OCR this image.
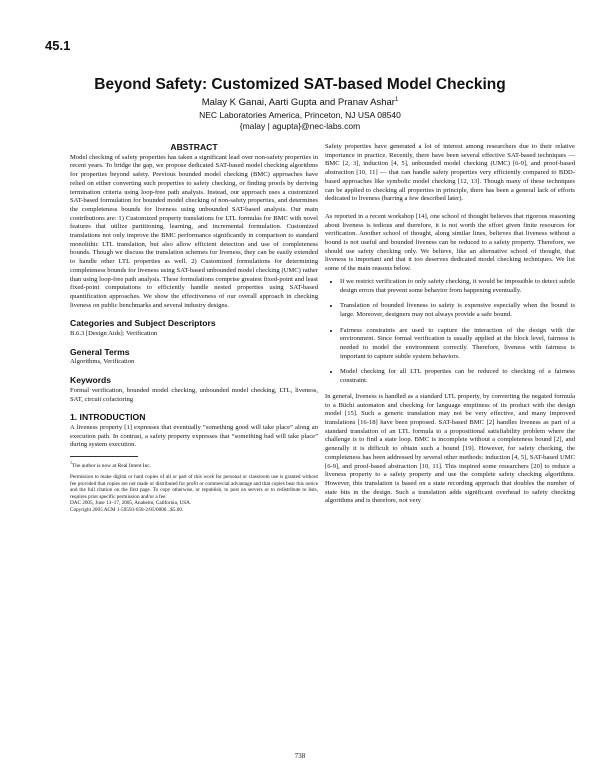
45.1
Beyond Safety: Customized SAT-based Model Checking
Malay K Ganai, Aarti Gupta and Pranav Ashar$^1$
NEC Laboratories America, Princeton, NJ USA 08540
{malay | agupta}@nec-labs.com
ABSTRACT

Model checking of safety properties has taken a significant lead over non-safety properties in recent years. To bridge the gap, we propose dedicated SAT-based model checking algorithms for properties beyond safety. Previous bounded model checking (BMC) approaches have relied on either converting such properties to safety checking, or finding proofs by deriving termination criteria using loop-free path analysis. Instead, our approach uses a customized SAT-based formulation for bounded model checking of non-safety properties, and determines the completeness bounds for liveness using unbounded SAT-based analysis. Our main contributions are: 1) Customized property translations for LTL formulas for BMC with novel features that utilize partitioning, learning, and incremental formulation. Customized translations not only improve the BMC performance significantly in comparison to standard monolithic LTL translation, but also allow efficient detection and use of completeness bounds. Though we discuss the translation schemes for liveness, they can be easily extended to handle other LTL properties as well. 2) Customized formulations for determining completeness bounds for liveness using SAT-based unbounded model checking (UMC) rather than using loop-free path analysis. These formulations comprise greatest fixed-point and least fixed-point computations to efficiently handle nested properties using SAT-based quantification approaches. We show the effectiveness of our overall approach in checking liveness on public benchmarks and several industry designs.

Categories and Subject Descriptors

B.6.3 [Design Aids]: Verification

General Terms

Algorithms, Verification

Keywords

Formal verification, bounded model checking, unbounded model checking, LTL, liveness, SAT, circuit cofactoring

1. INTRODUCTION

A liveness property [1] expresses that eventually “something good will take place” along an execution path. In contrast, a safety property expresses that “something bad will take place” during system execution.

$^1$The author is now at Real Intent Inc.

Permission to make digital or hard copies of all or part of this work for personal or classroom use is granted without fee provided that copies are not made or distributed for profit or commercial advantage and that copies bear this notice and the full citation on the first page. To copy otherwise, or republish, to post on servers or to redistribute to lists, requires prior specific permission and/or a fee.

DAC 2005, June 13–17, 2005, Anaheim, California, USA.

Copyright 2005 ACM 1-59593-058-2/05/0006...$5.00.

Safety properties have generated a lot of interest among researchers due to their relative importance in practice. Recently, there have been several effective SAT-based techniques — BMC [2, 3], induction [4, 5], unbounded model checking (UMC) [6-9], and proof-based abstraction [10, 11] — that can handle safety properties very efficiently compared to BDD-based approaches like symbolic model checking [12, 13]. Though many of these techniques can be applied to checking all properties in principle, there has been a general lack of efforts dedicated to liveness (barring a few described later).

As reported in a recent workshop [14], one school of thought believes that rigorous reasoning about liveness is tedious and therefore, it is not worth the effort given finite resources for verification. Another school of thought, along similar lines, believes that liveness without a bound is not useful and bounded liveness can be reduced to a safety property. Therefore, we should use safety checking only. We believe, like an alternative school of thought, that liveness is important and that it too deserves dedicated model checking techniques. We list some of the main reasons below.

• If we restrict verification to only safety checking, it would be impossible to detect subtle design errors that prevent some behavior from happening eventually.
• Translation of bounded liveness to safety is expensive especially when the bound is large. Moreover, designers may not always provide a safe bound.
• Fairness constraints are used to capture the interaction of the design with the environment. Since formal verification is usually applied at the block level, fairness is needed to model the environment correctly. Therefore, liveness with fairness is important to capture subtle system behaviors.
• Model checking for all LTL properties can be reduced to checking of a fairness constraint.

In general, liveness is handled as a standard LTL property, by converting the negated formula to a Büchi automaton and checking for language emptiness of its product with the design model [15]. Such a generic translation may not be very effective, and many improved translations [16-18] have been proposed. SAT-based BMC [2] handles liveness as part of a standard translation of an LTL formula to a propositional satisfiability problem where the challenge is to find a state loop. BMC is incomplete without a completeness bound [2], and generally it is difficult to obtain such a bound [19]. However, for safety checking, the completeness has been addressed by several other methods: induction [4, 5], SAT-based UMC [6-9], and proof-based abstraction [10, 11]. This inspired some researchers [20] to reduce a liveness property to a safety property and use the complete safety checking algorithms. However, this translation is based on a state recording approach that doubles the number of state bits in the design. Such a translation adds significant overhead to safety checking algorithms and is therefore, not very

738
